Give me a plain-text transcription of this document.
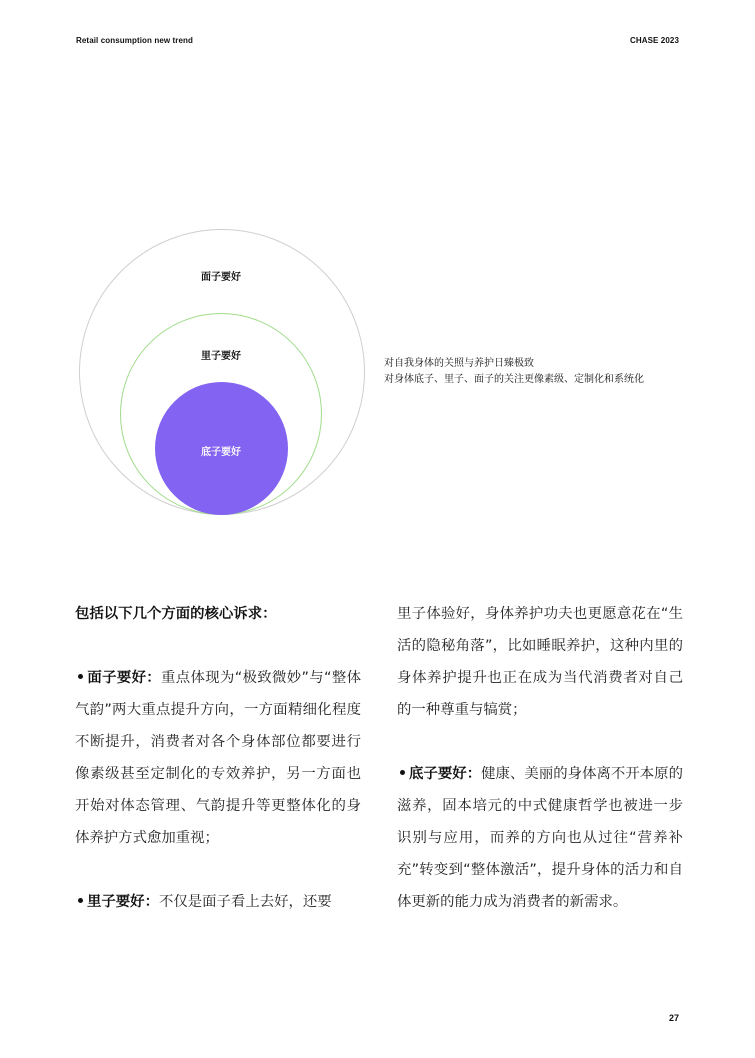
Retail consumption new trend	CHASE 2023
面子要好
里子要好
底子要好
对自我身体的关照与养护日臻极致
对身体底子、里子、面子的关注更像素级、定制化和系统化

包括以下几个方面的核心诉求：

面子要好：重点体现为“极致微妙”与“整体气韵”两大重点提升方向，一方面精细化程度不断提升，消费者对各个身体部位都要进行像素级甚至定制化的专效养护，另一方面也开始对体态管理、气韵提升等更整体化的身体养护方式愈加重视；

里子要好：不仅是面子看上去好，还要

里子体验好，身体养护功夫也更愿意花在“生活的隐秘角落”，比如睡眠养护，这种内里的身体养护提升也正在成为当代消费者对自己的一种尊重与犒赏；

底子要好：健康、美丽的身体离不开本原的滋养，固本培元的中式健康哲学也被进一步识别与应用，而养的方向也从过往“营养补充”转变到“整体激活”，提升身体的活力和自体更新的能力成为消费者的新需求。

27
